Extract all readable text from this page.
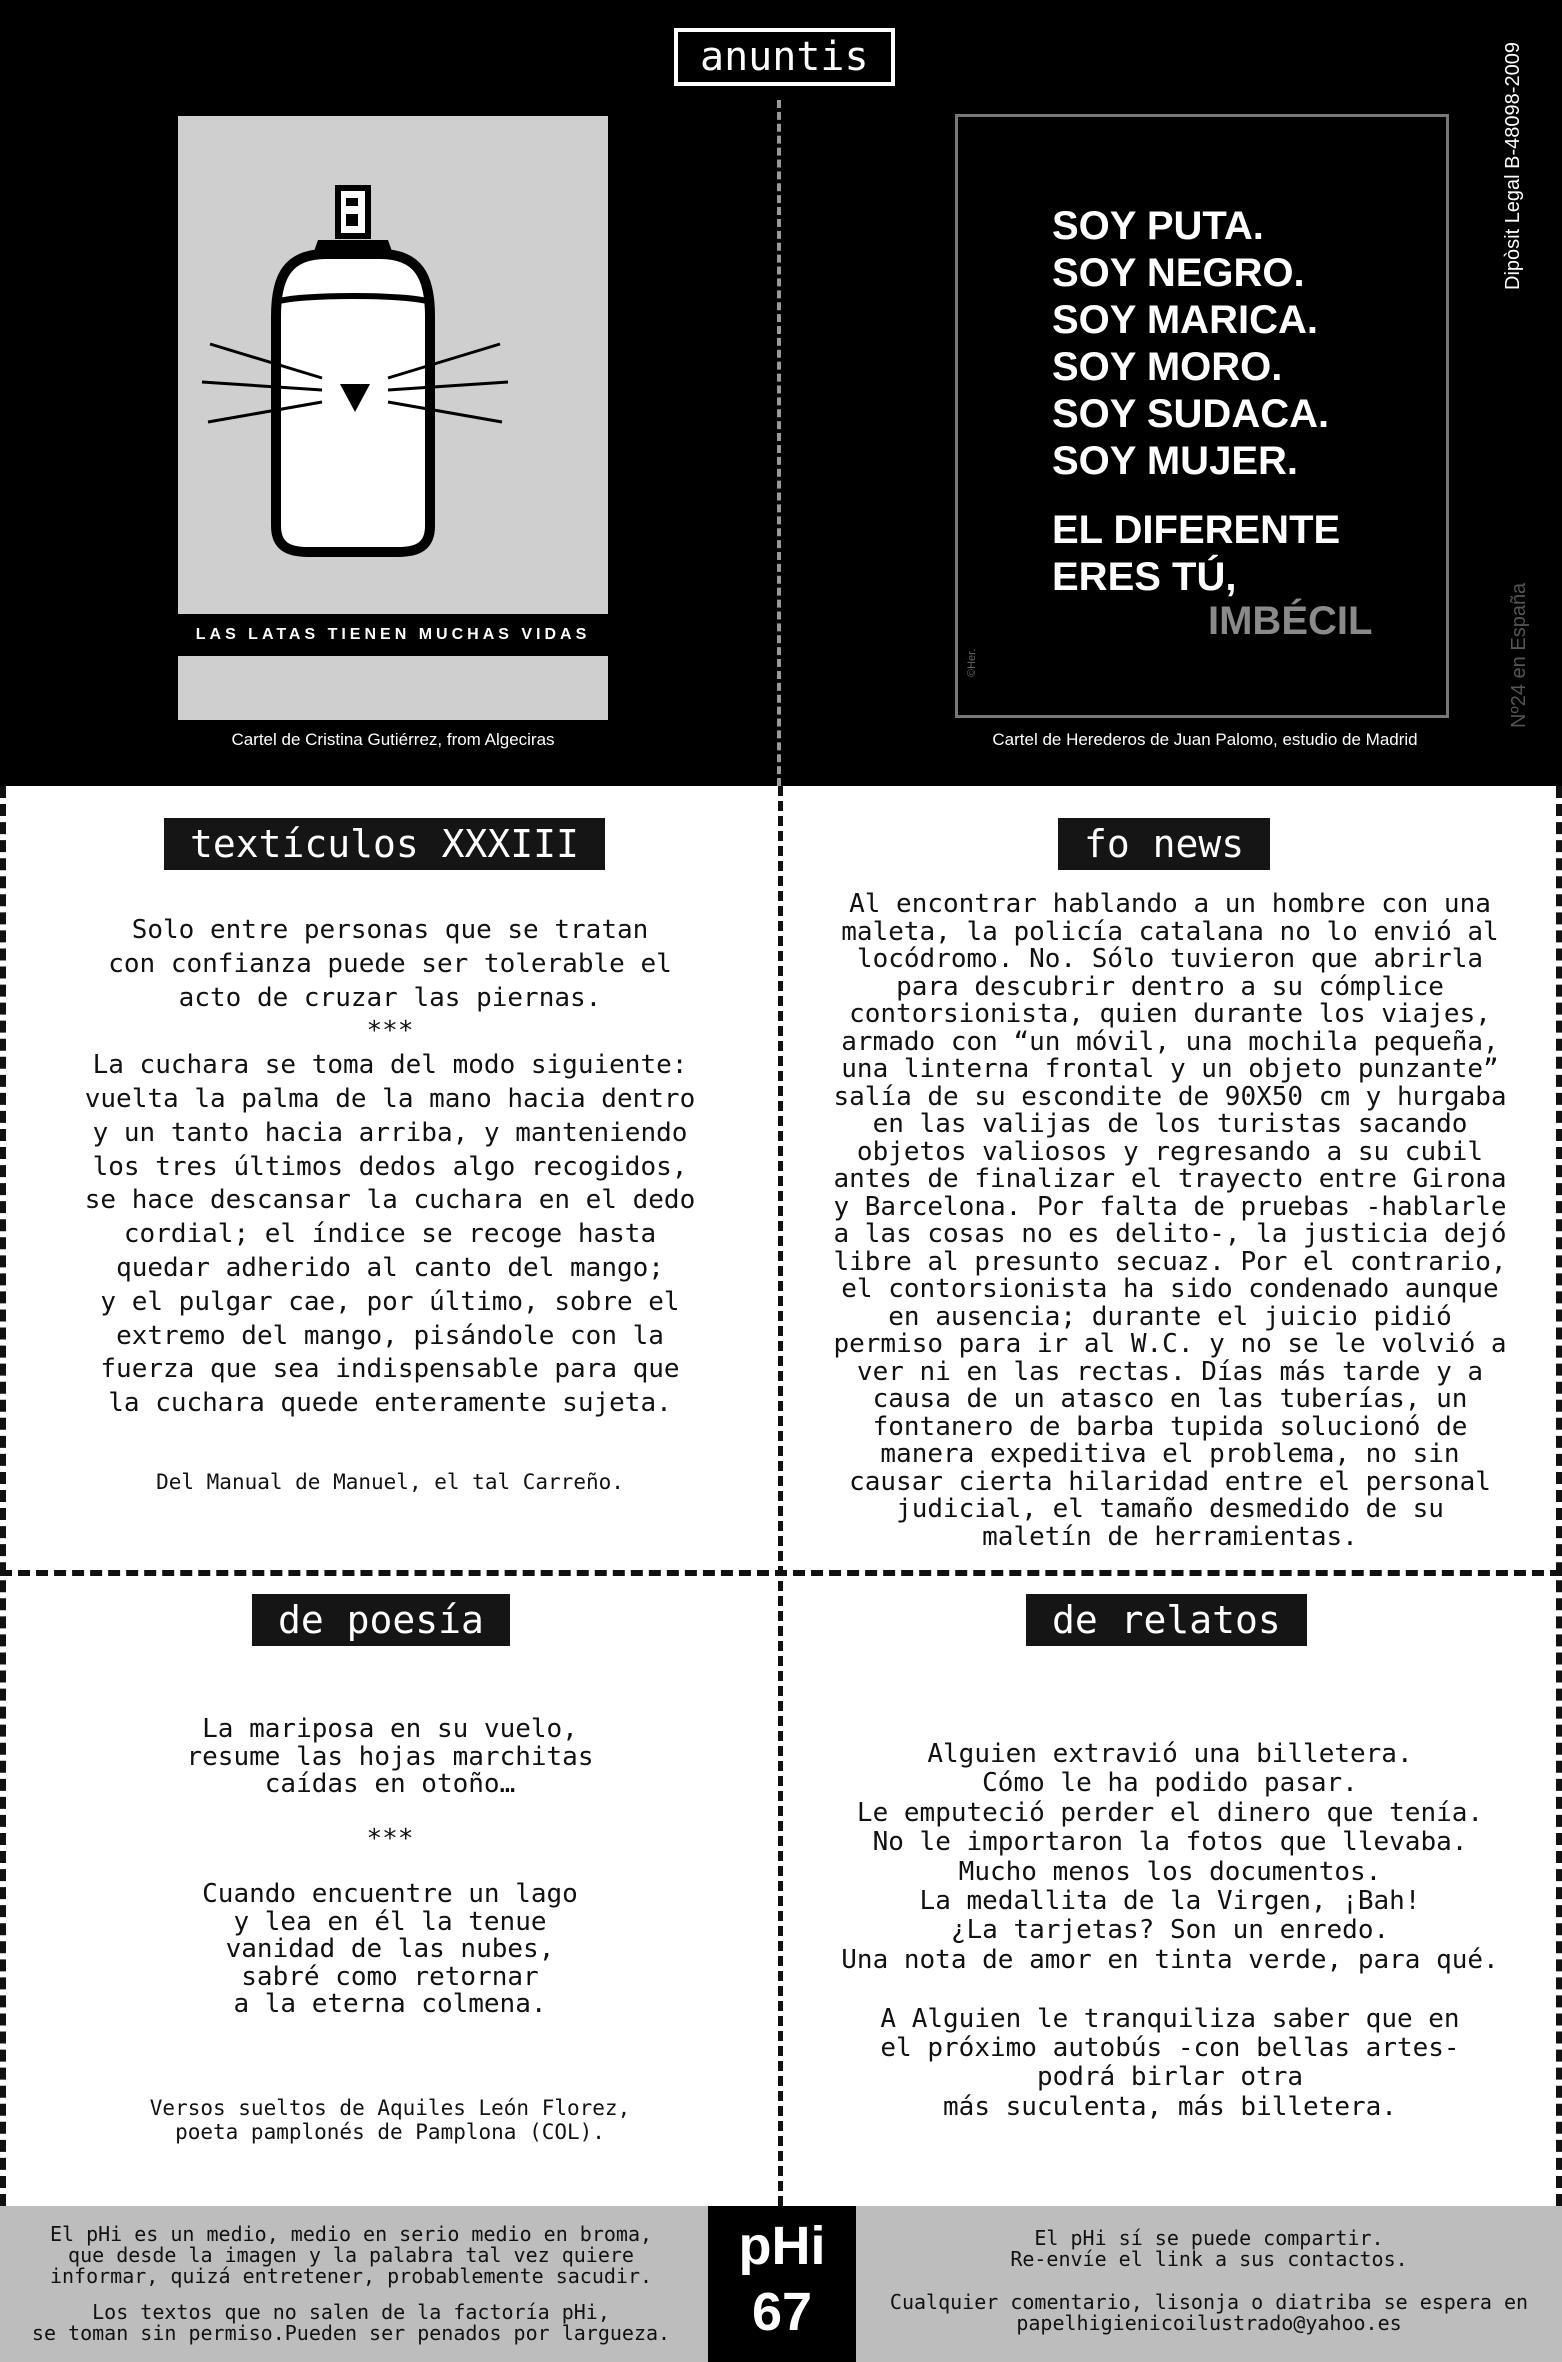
anuntis
LAS LATAS TIENEN MUCHAS VIDAS
Cartel de Cristina Gutiérrez, from Algeciras
SOY PUTA.
SOY NEGRO.
SOY MARICA.
SOY MORO.
SOY SUDACA.
SOY MUJER.
EL DIFERENTE
ERES TÚ,
IMBÉCIL
©Her.
Cartel de Herederos de Juan Palomo, estudio de Madrid
Dipòsit Legal B-48098-2009
Nº24 en España
textículos XXXIII
Solo entre personas que se tratan
con confianza puede ser tolerable el
acto de cruzar las piernas.
***
La cuchara se toma del modo siguiente:
vuelta la palma de la mano hacia dentro
y un tanto hacia arriba, y manteniendo
los tres últimos dedos algo recogidos,
se hace descansar la cuchara en el dedo
cordial; el índice se recoge hasta
quedar adherido al canto del mango;
y el pulgar cae, por último, sobre el
extremo del mango, pisándole con la
fuerza que sea indispensable para que
la cuchara quede enteramente sujeta.
Del Manual de Manuel, el tal Carreño.
fo news
Al encontrar hablando a un hombre con una
maleta, la policía catalana no lo envió al
locódromo. No. Sólo tuvieron que abrirla
para descubrir dentro a su cómplice
contorsionista, quien durante los viajes,
armado con “un móvil, una mochila pequeña,
una linterna frontal y un objeto punzante”
salía de su escondite de 90X50 cm y hurgaba
en las valijas de los turistas sacando
objetos valiosos y regresando a su cubil
antes de finalizar el trayecto entre Girona
y Barcelona. Por falta de pruebas -hablarle
a las cosas no es delito-, la justicia dejó
libre al presunto secuaz. Por el contrario,
el contorsionista ha sido condenado aunque
en ausencia; durante el juicio pidió
permiso para ir al W.C. y no se le volvió a
ver ni en las rectas. Días más tarde y a
causa de un atasco en las tuberías, un
fontanero de barba tupida solucionó de
manera expeditiva el problema, no sin
causar cierta hilaridad entre el personal
judicial, el tamaño desmedido de su
maletín de herramientas.
de poesía
La mariposa en su vuelo,
resume las hojas marchitas
caídas en otoño…

***

Cuando encuentre un lago
y lea en él la tenue
vanidad de las nubes,
sabré como retornar
a la eterna colmena.
Versos sueltos de Aquiles León Florez,
poeta pamplonés de Pamplona (COL).
de relatos
Alguien extravió una billetera.
Cómo le ha podido pasar.
Le emputeció perder el dinero que tenía.
No le importaron la fotos que llevaba.
Mucho menos los documentos.
La medallita de la Virgen, ¡Bah!
¿La tarjetas? Son un enredo.
Una nota de amor en tinta verde, para qué.

A Alguien le tranquiliza saber que en
el próximo autobús -con bellas artes-
podrá birlar otra
más suculenta, más billetera.
El pHi es un medio, medio en serio medio en broma,
que desde la imagen y la palabra tal vez quiere
informar, quizá entretener, probablemente sacudir.
Los textos que no salen de la factoría pHi,
se toman sin permiso.Pueden ser penados por largueza.
pHi
67
El pHi sí se puede compartir.
Re-envíe el link a sus contactos.
Cualquier comentario, lisonja o diatriba se espera en
papelhigienicoilustrado@yahoo.es
